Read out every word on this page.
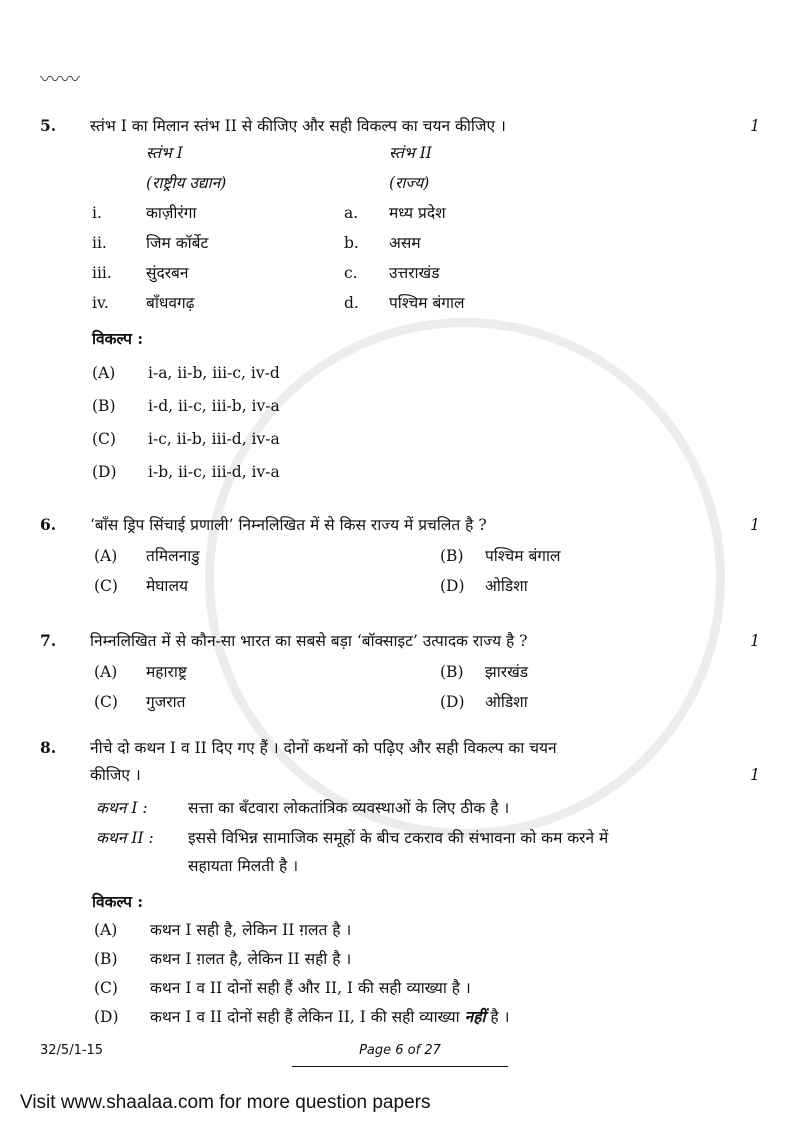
〰〰
5.	स्तंभ I का मिलान स्तंभ II से कीजिए और सही विकल्प का चयन कीजिए ।	1
स्तंभ I	स्तंभ II
(राष्ट्रीय उद्यान)	(राज्य)
i.	काज़ीरंगा	a.	मध्य प्रदेश
ii.	जिम कॉर्बेट	b.	असम
iii.	सुंदरबन	c.	उत्तराखंड
iv.	बाँधवगढ़	d.	पश्चिम बंगाल
विकल्प :
(A)	i-a, ii-b, iii-c, iv-d
(B)	i-d, ii-c, iii-b, iv-a
(C)	i-c, ii-b, iii-d, iv-a
(D)	i-b, ii-c, iii-d, iv-a
6.	‘बाँस ड्रिप सिंचाई प्रणाली’ निम्नलिखित में से किस राज्य में प्रचलित है ?	1
(A)	तमिलनाडु	(B)	पश्चिम बंगाल
(C)	मेघालय	(D)	ओडिशा
7.	निम्नलिखित में से कौन-सा भारत का सबसे बड़ा ‘बॉक्साइट’ उत्पादक राज्य है ?	1
(A)	महाराष्ट्र	(B)	झारखंड
(C)	गुजरात	(D)	ओडिशा
8.	नीचे दो कथन I व II दिए गए हैं । दोनों कथनों को पढ़िए और सही विकल्प का चयन
कीजिए ।	1
कथन I :	सत्ता का बँटवारा लोकतांत्रिक व्यवस्थाओं के लिए ठीक है ।
कथन II :	इससे विभिन्न सामाजिक समूहों के बीच टकराव की संभावना को कम करने में
सहायता मिलती है ।
विकल्प :
(A)	कथन I सही है, लेकिन II ग़लत है ।
(B)	कथन I ग़लत है, लेकिन II सही है ।
(C)	कथन I व II दोनों सही हैं और II, I की सही व्याख्या है ।
(D)	कथन I व II दोनों सही हैं लेकिन II, I की सही व्याख्या नहीं है ।
32/5/1-15	Page 6 of 27
Visit www.shaalaa.com for more question papers
